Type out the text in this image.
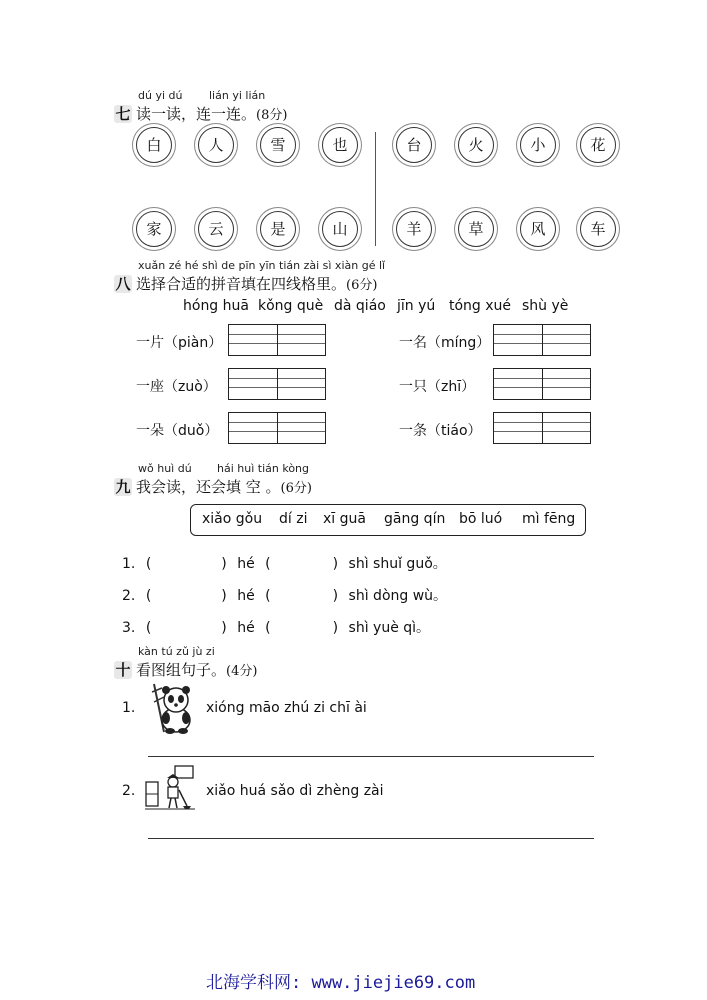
dú yi dú lián yi lián
七 读一读，连一连。(8分)
白	人	雪	也	台	火	小	花
家	云	是	山	羊	草	风	车
xuǎn zé hé shì de pīn yīn tián zài sì xiàn gé lǐ
八 选择合适的拼音填在四线格里。(6分)
hóng huā kǒng què dà qiáo jīn yú tóng xué shù yè
一片（piàn）	一名（míng）
一座（zuò）	一只（zhī）
一朵（duǒ）	一条（tiáo）
wǒ huì dú hái huì tián kòng
九 我会读，还会填 空 。(6分)
xiǎo gǒu dí zi xī guā gāng qín bō luó mì fēng
1. (	) hé (	) shì shuǐ guǒ。
2. (	) hé (	) shì dòng wù。
3. (	) hé (	) shì yuè qì。
kàn tú zǔ jù zi
十 看图组句子。(4分)
1.	xióng māo zhú zi chī ài
2.	xiǎo huá sǎo dì zhèng zài
北海学科网: www.jiejie69.com
